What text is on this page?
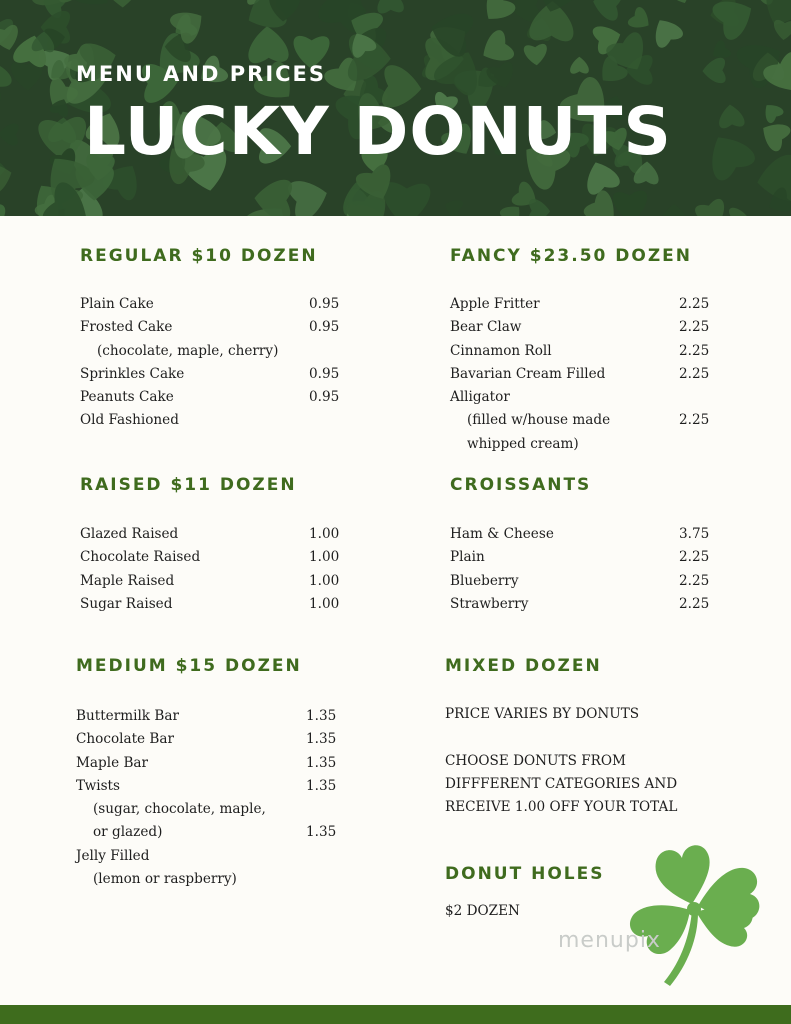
MENU AND PRICES
LUCKY DONUTS
REGULAR $10 DOZEN
Plain Cake	0.95
Frosted Cake	0.95
(chocolate, maple, cherry)
Sprinkles Cake	0.95
Peanuts Cake	0.95
Old Fashioned
FANCY $23.50 DOZEN
Apple Fritter	2.25
Bear Claw	2.25
Cinnamon Roll	2.25
Bavarian Cream Filled	2.25
Alligator
(filled w/house made	2.25
whipped cream)
RAISED $11 DOZEN
Glazed Raised	1.00
Chocolate Raised	1.00
Maple Raised	1.00
Sugar Raised	1.00
CROISSANTS
Ham & Cheese	3.75
Plain	2.25
Blueberry	2.25
Strawberry	2.25
MEDIUM $15 DOZEN
Buttermilk Bar	1.35
Chocolate Bar	1.35
Maple Bar	1.35
Twists	1.35
(sugar, chocolate, maple,
or glazed)	1.35
Jelly Filled
(lemon or raspberry)
MIXED DOZEN
PRICE VARIES BY DONUTS
CHOOSE DONUTS FROM
DIFFFERENT CATEGORIES AND
RECEIVE 1.00 OFF YOUR TOTAL
DONUT HOLES
$2 DOZEN
menupix
